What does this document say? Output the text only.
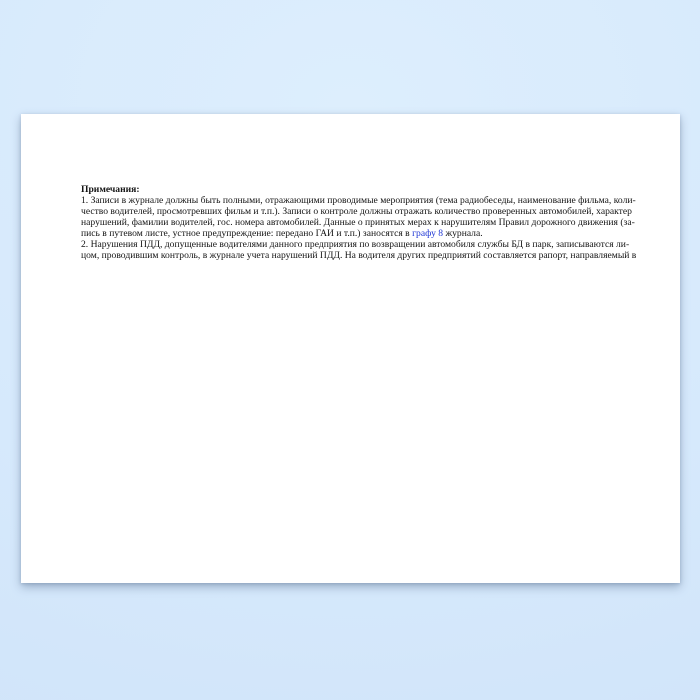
Примечания:
1. Записи в журнале должны быть полными, отражающими проводимые мероприятия (тема радиобеседы, наименование фильма, коли-
чество водителей, просмотревших фильм и т.п.). Записи о контроле должны отражать количество проверенных автомобилей, характер
нарушений, фамилии водителей, гос. номера автомобилей. Данные о принятых мерах к нарушителям Правил дорожного движения (за-
пись в путевом листе, устное предупреждение: передано ГАИ и т.п.) заносятся в графу 8 журнала.
2. Нарушения ПДД, допущенные водителями данного предприятия по возвращении автомобиля службы БД в парк, записываются ли-
цом, проводившим контроль, в журнале учета нарушений ПДД. На водителя других предприятий составляется рапорт, направляемый в
